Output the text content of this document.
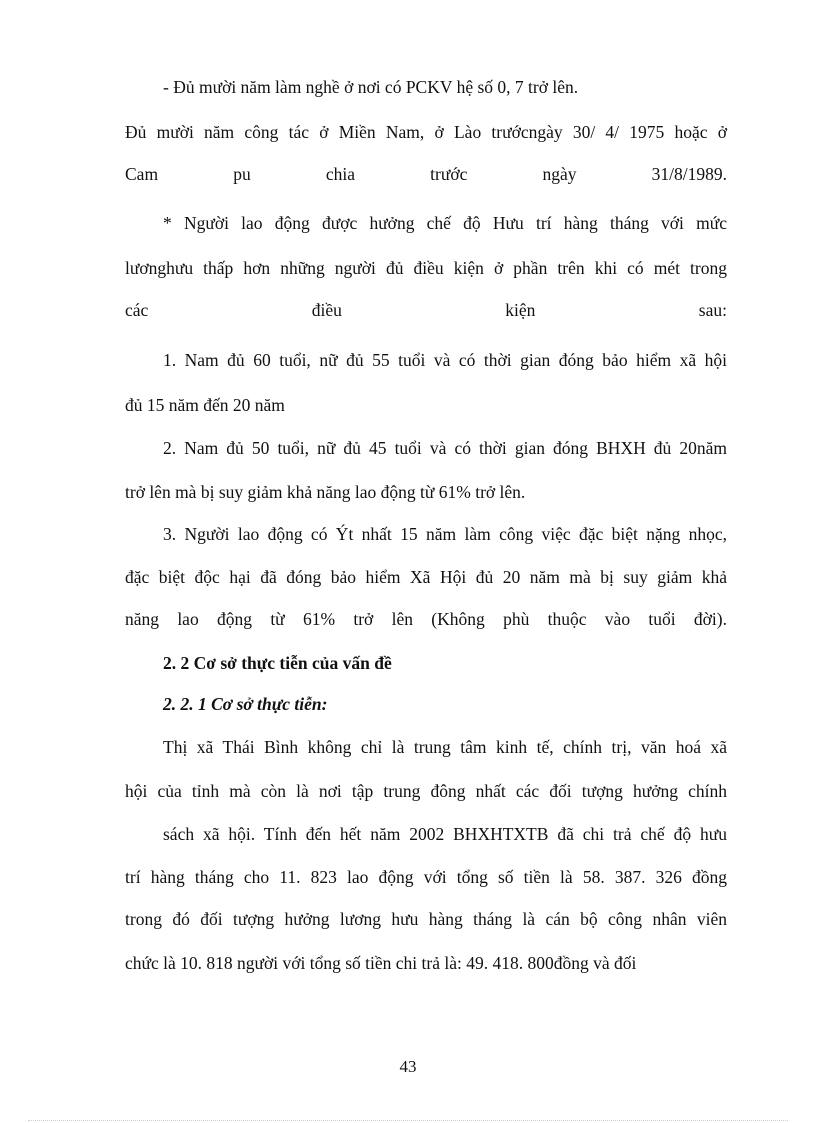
- Đủ mười năm làm nghề ở nơi có PCKV hệ số 0, 7 trở lên.
Đủ mười năm công tác ở Miền Nam, ở Lào trướcngày 30/ 4/ 1975 hoặc ở
Cam pu chia trước ngày 31/8/1989.
* Người lao động được hưởng chế độ Hưu trí hàng tháng với mức
lươnghưu thấp hơn những người đủ điều kiện ở phần trên khi có mét trong
các điều kiện sau:
1. Nam đủ 60 tuổi, nữ đủ 55 tuổi và có thời gian đóng bảo hiểm xã hội
đủ 15 năm đến 20 năm
2. Nam đủ 50 tuổi, nữ đủ 45 tuổi và có thời gian đóng BHXH đủ 20năm
trở lên mà bị suy giảm khả năng lao động từ 61% trở lên.
3. Người lao động có Ýt nhất 15 năm làm công việc đặc biệt nặng nhọc,
đặc biệt độc hại đã đóng bảo hiểm Xã Hội đủ 20 năm mà bị suy giảm khả
năng lao động từ 61% trở lên (Không phù thuộc vào tuổi đời).
2. 2 Cơ sở thực tiễn của vấn đề
2. 2. 1 Cơ sở thực tiễn:
Thị xã Thái Bình không chỉ là trung tâm kinh tế, chính trị, văn hoá xã
hội của tỉnh mà còn là nơi tập trung đông nhất các đối tượng hưởng chính
sách xã hội. Tính đến hết năm 2002 BHXHTXTB đã chi trả chế độ hưu
trí hàng tháng cho 11. 823 lao động với tổng số tiền là 58. 387. 326 đồng
trong đó đối tượng hưởng lương hưu hàng tháng là cán bộ công nhân viên
chức là 10. 818 người với tổng số tiền chi trả là: 49. 418. 800đồng và đối
43
